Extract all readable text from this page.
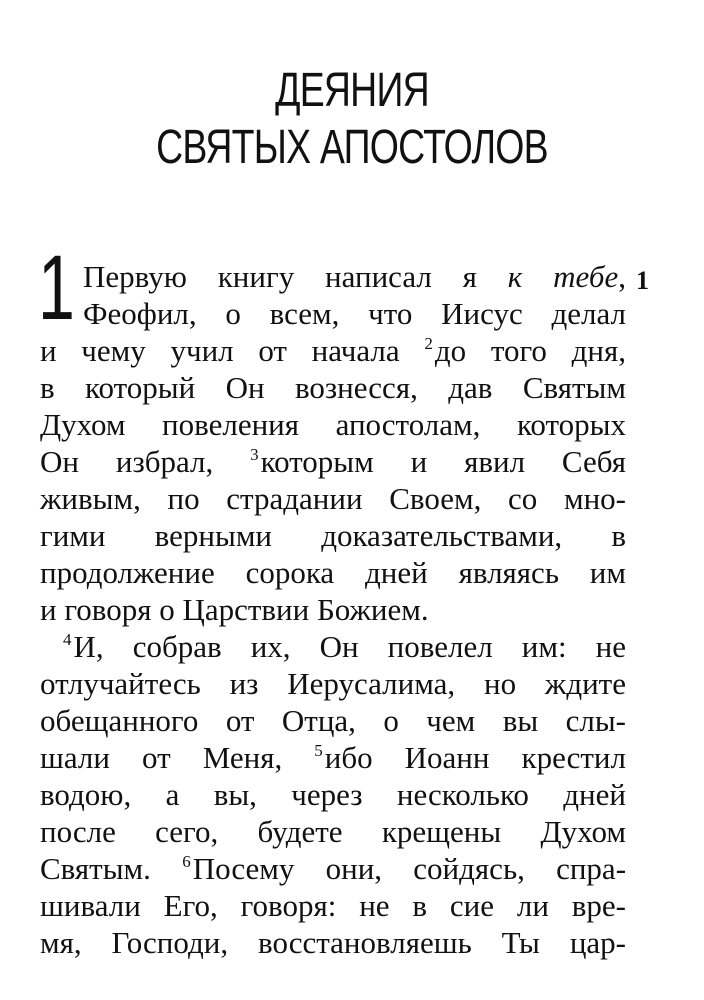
ДЕЯНИЯ
СВЯТЫХ АПОСТОЛОВ
1	1
Первую книгу написал я к тебе,
Феофил, о всем, что Иисус делал
и чему учил от начала $^2$до того дня,
в который Он вознесся, дав Святым
Духом повеления апостолам, которых
Он избрал, $^3$которым и явил Себя
живым, по страдании Своем, со мно-
гими верными доказательствами, в
продолжение сорока дней являясь им
и говоря о Царствии Божием.
$^4$И, собрав их, Он повелел им: не
отлучайтесь из Иерусалима, но ждите
обещанного от Отца, о чем вы слы-
шали от Меня, $^5$ибо Иоанн крестил
водою, а вы, через несколько дней
после сего, будете крещены Духом
Святым. $^6$Посему они, сойдясь, спра-
шивали Его, говоря: не в сие ли вре-
мя, Господи, восстановляешь Ты цар-
